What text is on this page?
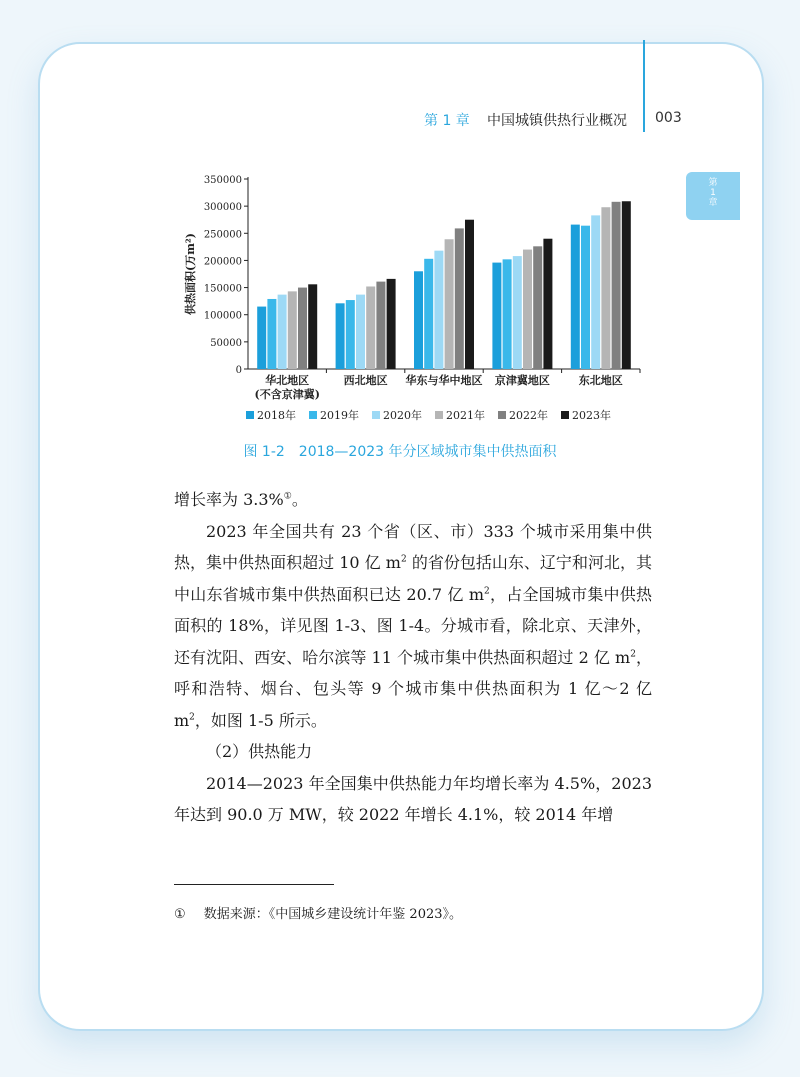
第 1 章 中国城镇供热行业概况 003
第
1
章
0
50000
100000
150000
200000
250000
300000
350000
供热面积(万m²)
华北地区
(不含京津冀)
西北地区 华东与华中地区 京津冀地区	东北地区
2018年 2019年 2020年 2021年 2022年 2023年
图 1-2　2018—2023 年分区域城市集中供热面积

增长率为 3.3%①。

2023 年全国共有 23 个省（区、市）333 个城市采用集中供热，集中供热面积超过 10 亿 $m^2$ 的省份包括山东、辽宁和河北，其中山东省城市集中供热面积已达 20.7 亿 $m^2$，占全国城市集中供热面积的 18%，详见图 1-3、图 1-4。分城市看，除北京、天津外，还有沈阳、西安、哈尔滨等 11 个城市集中供热面积超过 2 亿 $m^2$，呼和浩特、烟台、包头等 9 个城市集中供热面积为 1 亿～2 亿 $m^2$，如图 1-5 所示。

（2）供热能力

2014—2023 年全国集中供热能力年均增长率为 4.5%，2023 年达到 90.0 万 MW，较 2022 年增长 4.1%，较 2014 年增

① 数据来源：《中国城乡建设统计年鉴 2023》。
